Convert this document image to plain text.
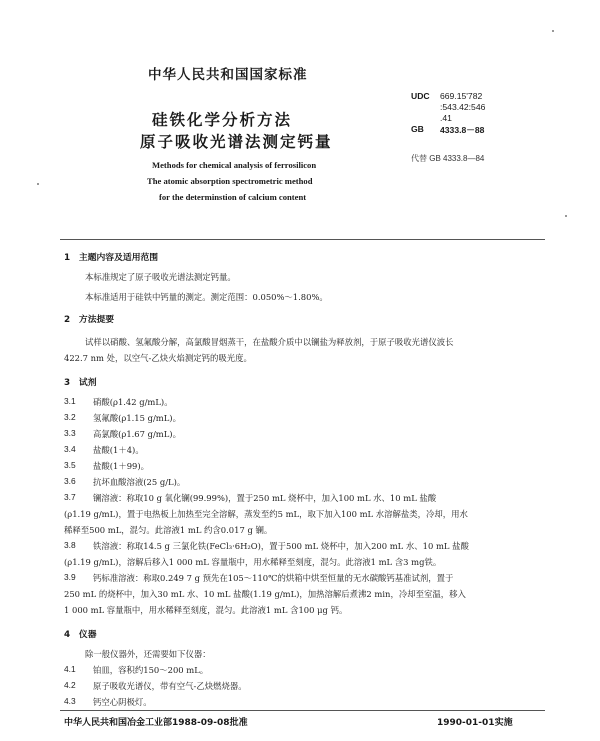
中华人民共和国国家标准
硅铁化学分析方法
原子吸收光谱法测定钙量
Methods for chemical analysis of ferrosilicon
The atomic absorption spectrometric method
for the determinstion of calcium content
UDC 669.15'782
:543.42:546
.41
GB 4333.8－88
代替 GB 4333.8—84
1　主题内容及适用范围
本标准规定了原子吸收光谱法测定钙量。
本标准适用于硅铁中钙量的测定。测定范围：0.050%～1.80%。
2　方法提要
试样以硝酸、氢氟酸分解，高氯酸冒烟蒸干，在盐酸介质中以镧盐为释放剂，于原子吸收光谱仪波长
422.7 nm 处，以空气-乙炔火焰测定钙的吸光度。
3　试剂
3.1 硝酸(ρ1.42 g/mL)。
3.2 氢氟酸(ρ1.15 g/mL)。
3.3 高氯酸(ρ1.67 g/mL)。
3.4 盐酸(1＋4)。
3.5 盐酸(1＋99)。
3.6 抗坏血酸溶液(25 g/L)。
3.7 镧溶液：称取10 g 氧化镧(99.99%)，置于250 mL 烧杯中，加入100 mL 水、10 mL 盐酸
(ρ1.19 g/mL)，置于电热板上加热至完全溶解，蒸发至约5 mL，取下加入100 mL 水溶解盐类，冷却，用水
稀释至500 mL，混匀。此溶液1 mL 约含0.017 g 镧。
3.8 铁溶液：称取14.5 g 三氯化铁(FeCl₃·6H₂O)，置于500 mL 烧杯中，加入200 mL 水、10 mL 盐酸
(ρ1.19 g/mL)，溶解后移入1 000 mL 容量瓶中，用水稀释至刻度，混匀。此溶液1 mL 含3 mg铁。
3.9 钙标准溶液：称取0.249 7 g 预先在105～110℃的烘箱中烘至恒量的无水碳酸钙基准试剂，置于
250 mL 的烧杯中，加入30 mL 水、10 mL 盐酸(1.19 g/mL)，加热溶解后煮沸2 min，冷却至室温，移入
1 000 mL 容量瓶中，用水稀释至刻度，混匀。此溶液1 mL 含100 μg 钙。
4　仪器
除一般仪器外，还需要如下仪器：
4.1 铂皿，容积约150～200 mL。
4.2 原子吸收光谱仪，带有空气-乙炔燃烧器。
4.3 钙空心阴极灯。
中华人民共和国冶金工业部1988-09-08批准	1990-01-01实施
